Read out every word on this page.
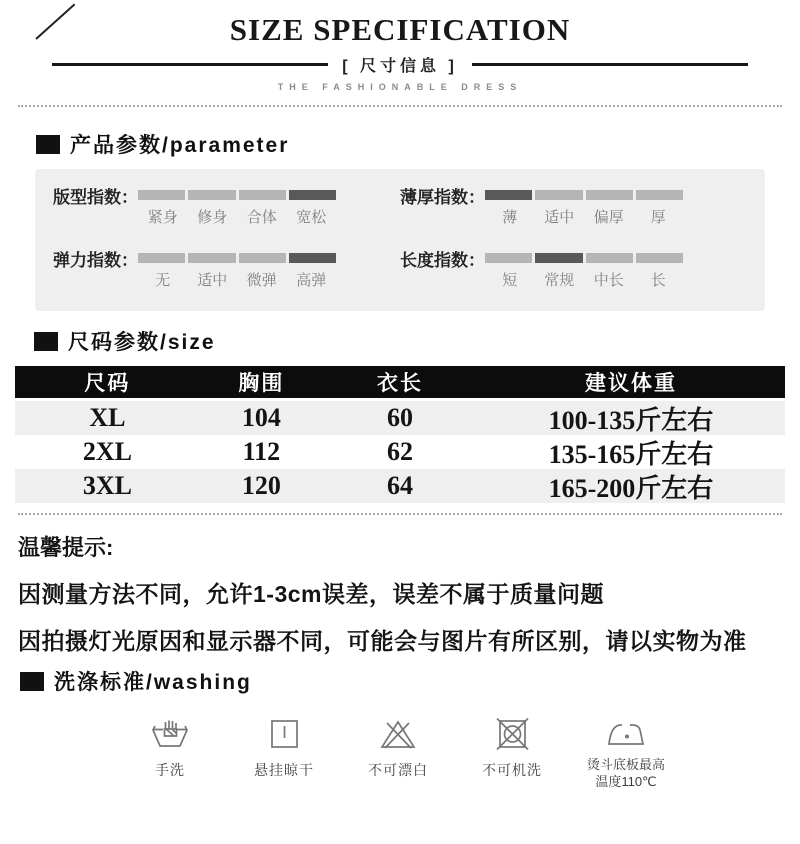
SIZE SPECIFICATION
[ 尺寸信息 ]
THE FASHIONABLE DRESS
产品参数/parameter
版型指数：
紧身	修身	合体	宽松
薄厚指数：
薄	适中	偏厚	厚
弹力指数：
无	适中	微弹	高弹
长度指数：
短	常规	中长	长
尺码参数/size
尺码	胸围	衣长	建议体重
XL	104	60	100-135斤左右
2XL	112	62	135-165斤左右
3XL	120	64	165-200斤左右
温馨提示:
因测量方法不同，允许1-3cm误差，误差不属于质量问题
因拍摄灯光原因和显示器不同，可能会与图片有所区别，请以实物为准
洗涤标准/washing
手洗	悬挂晾干	不可漂白	不可机洗	烫斗底板最高
温度110℃
